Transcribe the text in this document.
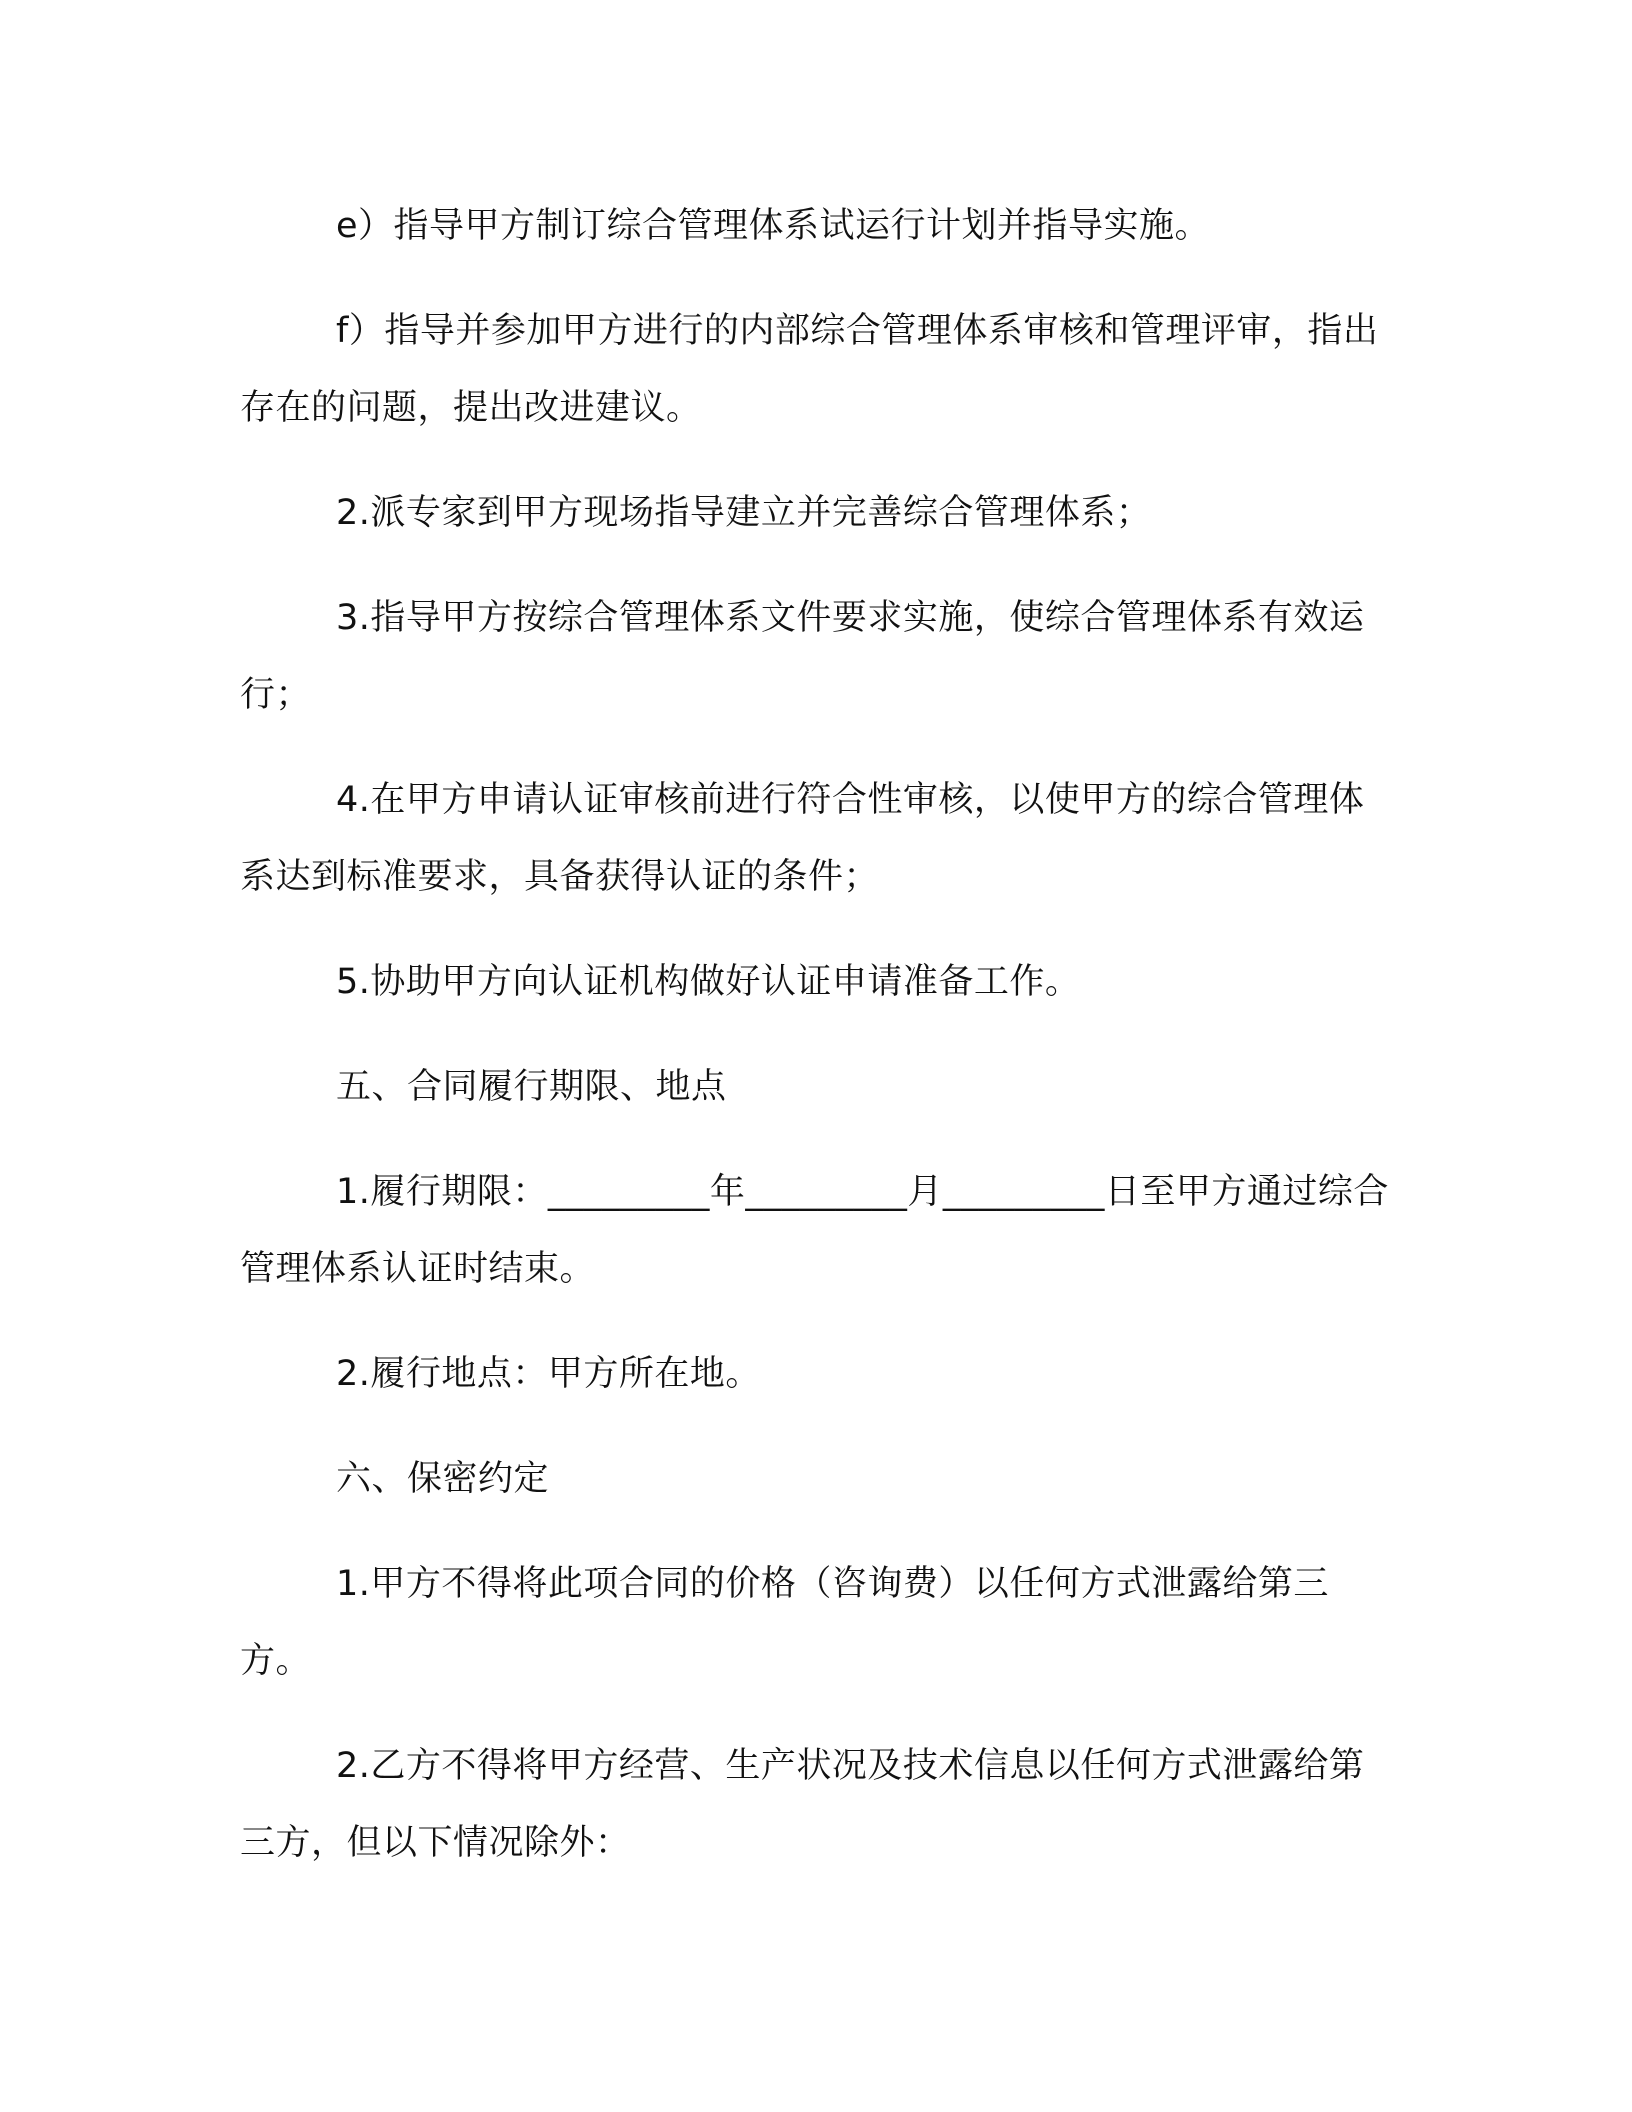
e）指导甲方制订综合管理体系试运行计划并指导实施。

f）指导并参加甲方进行的内部综合管理体系审核和管理评审，指出存在的问题，提出改进建议。

2.派专家到甲方现场指导建立并完善综合管理体系；

3.指导甲方按综合管理体系文件要求实施，使综合管理体系有效运行；

4.在甲方申请认证审核前进行符合性审核，以使甲方的综合管理体系达到标准要求，具备获得认证的条件；

5.协助甲方向认证机构做好认证申请准备工作。

五、合同履行期限、地点

1.履行期限：_________年_________月_________日至甲方通过综合管理体系认证时结束。

2.履行地点：甲方所在地。

六、保密约定

1.甲方不得将此项合同的价格（咨询费）以任何方式泄露给第三方。

2.乙方不得将甲方经营、生产状况及技术信息以任何方式泄露给第三方，但以下情况除外：
